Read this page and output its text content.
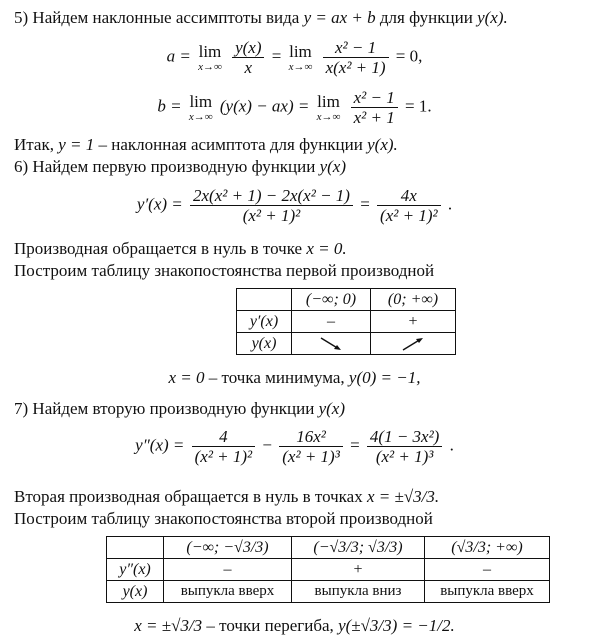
5) Найдем наклонные ассимптоты вида y = ax + b для функции y(x).
a = lim
x→∞
$\frac{y(x)}{x} = \lim$
x→∞
$\frac{\text{x² − 1}}{\text{x(x² + 1)}} = 0$,
b = lim
x→∞
(y(x) − ax) = lim
x→∞
$\frac{\text{x² − 1}}{\text{x² + 1}} = 1$.
Итак, y = 1 – наклонная асимптота для функции y(x).
6) Найдем первую производную функции y(x)
$y'(x) = \frac{\text{2x(x² + 1) − 2x(x² − 1)}}{\text{(x² + 1)²}} = \frac{4x}{\text{(x² + 1)²}}$ .
Производная обращается в нуль в точке x = 0.
Построим таблицу знакопостоянства первой производной
	(−∞; 0)	(0; +∞)
y′(x)	–	+
y(x)		
x = 0 – точка минимума, y(0) = −1,
7) Найдем вторую производную функции y(x)
$y''(x) = \frac{4}{\text{(x² + 1)²}} - \frac{\text{16x²}}{\text{(x² + 1)³}} = \frac{\text{4(1 − 3x²)}}{\text{(x² + 1)³}}$ .
Вторая производная обращается в нуль в точках x = ±√3/3.
Построим таблицу знакопостоянства второй производной
	(−∞; −√3/3)	(−√3/3; √3/3)	(√3/3; +∞)
y″(x)	–	+	–
y(x)	выпукла вверх	выпукла вниз	выпукла вверх
x = ±√3/3 – точки перегиба, y(±√3/3) = −1/2.
